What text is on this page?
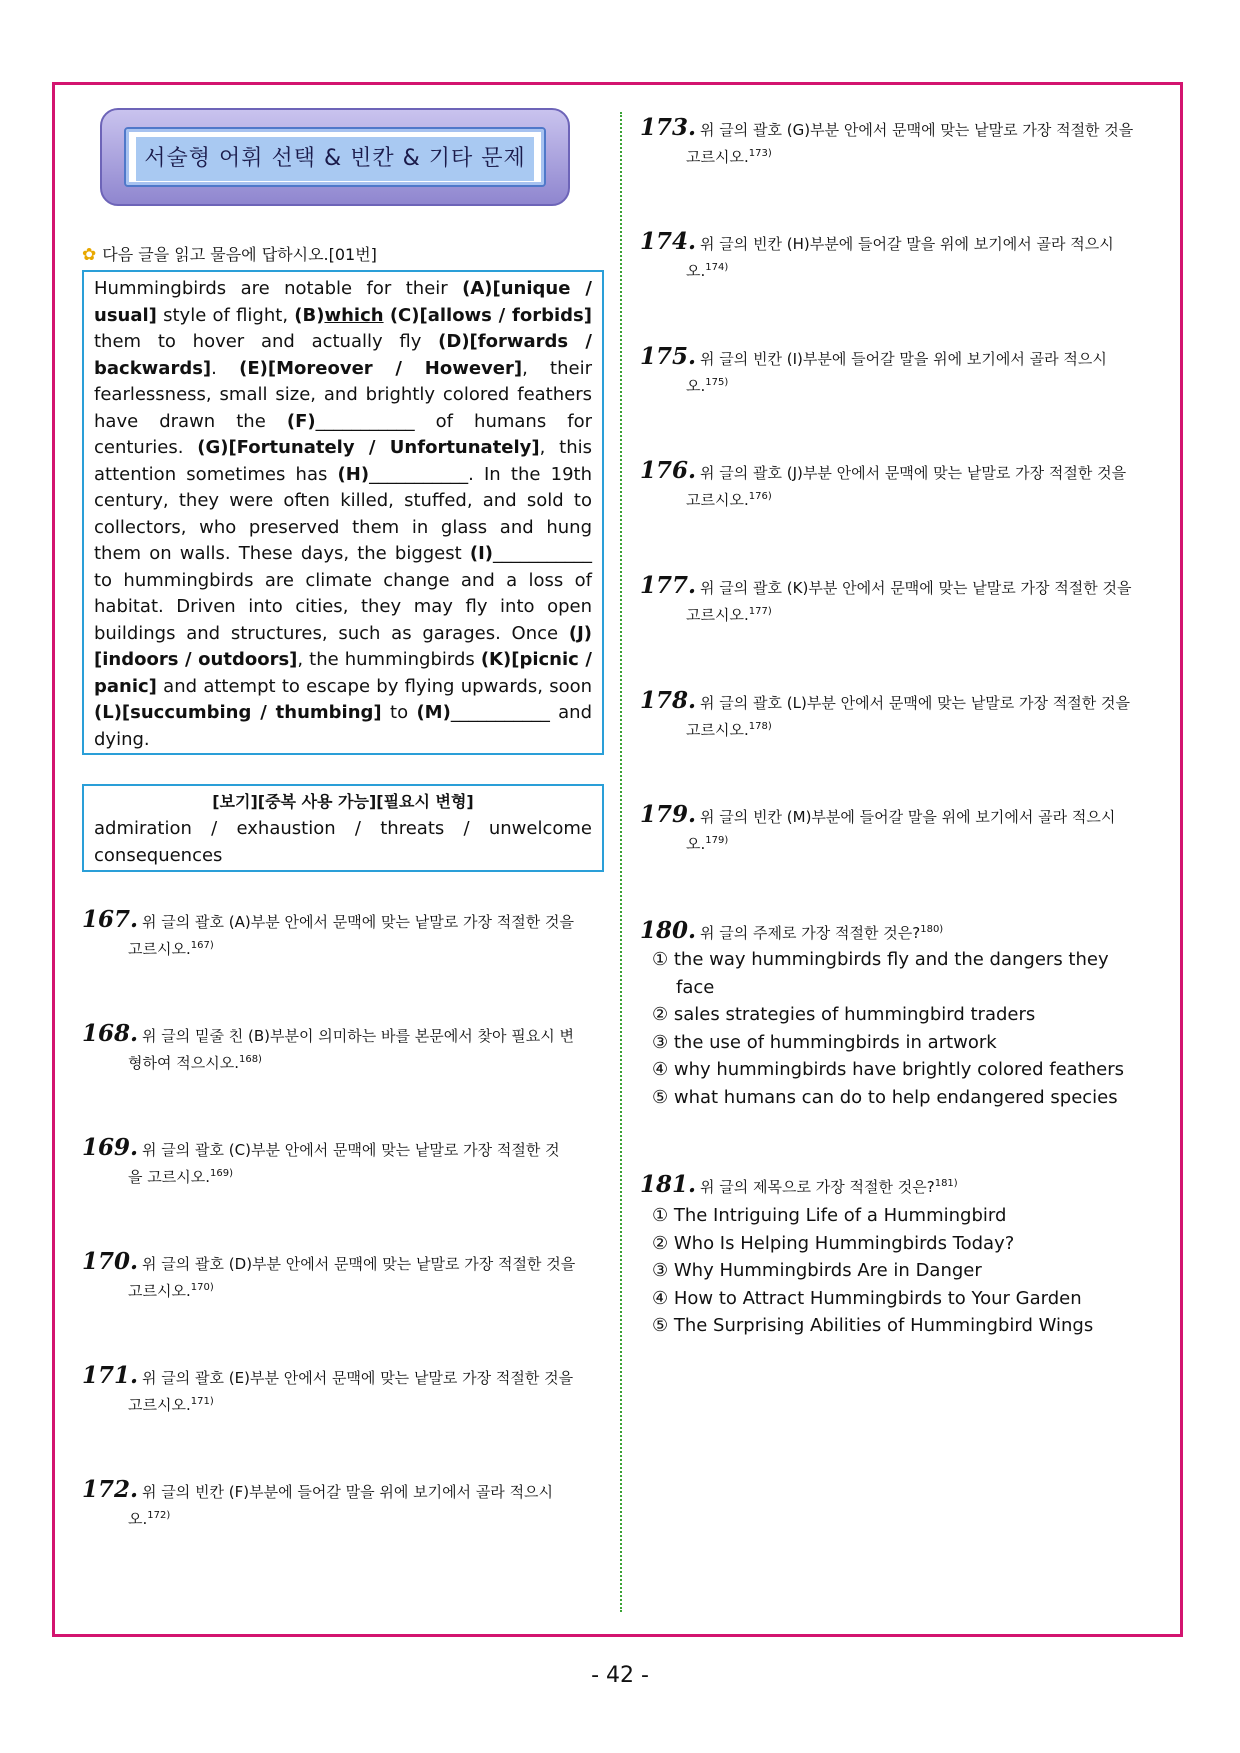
서술형 어휘 선택 & 빈칸 & 기타 문제
✿ 다음 글을 읽고 물음에 답하시오.[01번]
Hummingbirds are notable for their (A)[unique / usual] style of flight, (B)which (C)[allows / forbids] them to hover and actually fly (D)[forwards / backwards]. (E)[Moreover / However], their fearlessness, small size, and brightly colored feathers have drawn the (F)___________ of humans for centuries. (G)[Fortunately / Unfortunately], this attention sometimes has (H)___________. In the 19th century, they were often killed, stuffed, and sold to collectors, who preserved them in glass and hung them on walls. These days, the biggest (I)___________ to hummingbirds are climate change and a loss of habitat. Driven into cities, they may fly into open buildings and structures, such as garages. Once (J)[indoors / outdoors], the hummingbirds (K)[picnic / panic] and attempt to escape by flying upwards, soon (L)[succumbing / thumbing] to (M)___________ and dying.
[보기][중복 사용 가능][필요시 변형]
admiration / exhaustion / threats / unwelcome consequences
167. 위 글의 괄호 (A)부분 안에서 문맥에 맞는 낱말로 가장 적절한 것을
고르시오.$^{167)}$
168. 위 글의 밑줄 친 (B)부분이 의미하는 바를 본문에서 찾아 필요시 변
형하여 적으시오.$^{168)}$
169. 위 글의 괄호 (C)부분 안에서 문맥에 맞는 낱말로 가장 적절한 것
을 고르시오.$^{169)}$
170. 위 글의 괄호 (D)부분 안에서 문맥에 맞는 낱말로 가장 적절한 것을
고르시오.$^{170)}$
171. 위 글의 괄호 (E)부분 안에서 문맥에 맞는 낱말로 가장 적절한 것을
고르시오.$^{171)}$
172. 위 글의 빈칸 (F)부분에 들어갈 말을 위에 보기에서 골라 적으시
오.$^{172)}$
173. 위 글의 괄호 (G)부분 안에서 문맥에 맞는 낱말로 가장 적절한 것을
고르시오.$^{173)}$
174. 위 글의 빈칸 (H)부분에 들어갈 말을 위에 보기에서 골라 적으시
오.$^{174)}$
175. 위 글의 빈칸 (I)부분에 들어갈 말을 위에 보기에서 골라 적으시
오.$^{175)}$
176. 위 글의 괄호 (J)부분 안에서 문맥에 맞는 낱말로 가장 적절한 것을
고르시오.$^{176)}$
177. 위 글의 괄호 (K)부분 안에서 문맥에 맞는 낱말로 가장 적절한 것을
고르시오.$^{177)}$
178. 위 글의 괄호 (L)부분 안에서 문맥에 맞는 낱말로 가장 적절한 것을
고르시오.$^{178)}$
179. 위 글의 빈칸 (M)부분에 들어갈 말을 위에 보기에서 골라 적으시
오.$^{179)}$
180. 위 글의 주제로 가장 적절한 것은?$^{180)}$
① the way hummingbirds fly and the dangers they
face
② sales strategies of hummingbird traders
③ the use of hummingbirds in artwork
④ why hummingbirds have brightly colored feathers
⑤ what humans can do to help endangered species
181. 위 글의 제목으로 가장 적절한 것은?$^{181)}$
① The Intriguing Life of a Hummingbird
② Who Is Helping Hummingbirds Today?
③ Why Hummingbirds Are in Danger
④ How to Attract Hummingbirds to Your Garden
⑤ The Surprising Abilities of Hummingbird Wings
- 42 -
